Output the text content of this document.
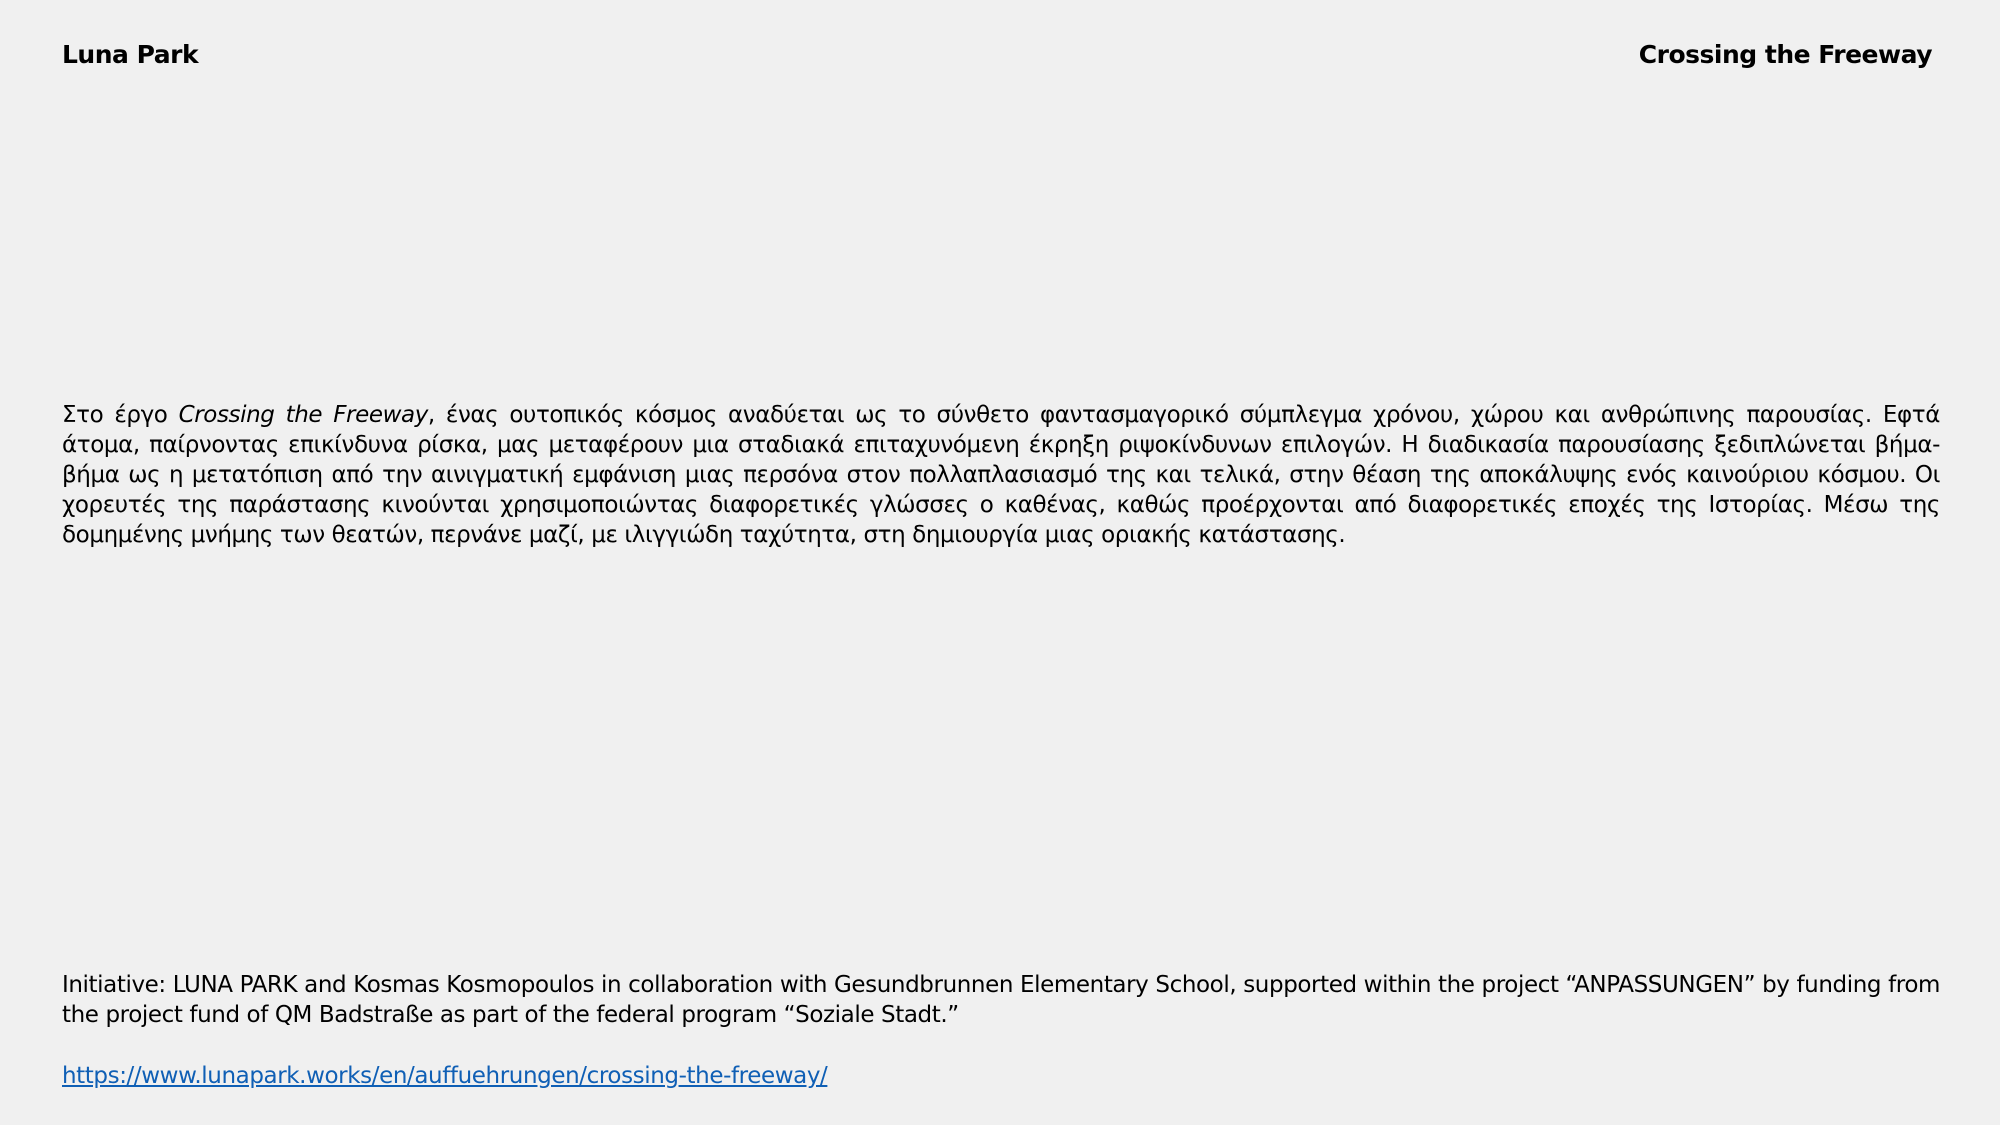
Luna Park	Crossing the Freeway
Στο έργο Crossing the Freeway, ένας ουτοπικός κόσμος αναδύεται ως το σύνθετο φαντασμαγορικό σύμπλεγμα χρόνου, χώρου και ανθρώπινης παρουσίας. Εφτά άτομα, παίρνοντας επικίνδυνα ρίσκα, μας μεταφέρουν μια σταδιακά επιταχυνόμενη έκρηξη ριψοκίνδυνων επιλογών. Η διαδικασία παρουσίασης ξεδιπλώνεται βήμα-βήμα ως η μετατόπιση από την αινιγματική εμφάνιση μιας περσόνα στον πολλαπλασιασμό της και τελικά, στην θέαση της αποκάλυψης ενός καινούριου κόσμου. Οι χορευτές της παράστασης κινούνται χρησιμοποιώντας διαφορετικές γλώσσες ο καθένας, καθώς προέρχονται από διαφορετικές εποχές της Ιστορίας. Μέσω της δομημένης μνήμης των θεατών, περνάνε μαζί, με ιλιγγιώδη ταχύτητα, στη δημιουργία μιας οριακής κατάστασης.
Initiative: LUNA PARK and Kosmas Kosmopoulos in collaboration with Gesundbrunnen Elementary School, supported within the project “ANPASSUNGEN” by funding from the project fund of QM Badstraße as part of the federal program “Soziale Stadt.”
https://www.lunapark.works/en/auffuehrungen/crossing-the-freeway/
